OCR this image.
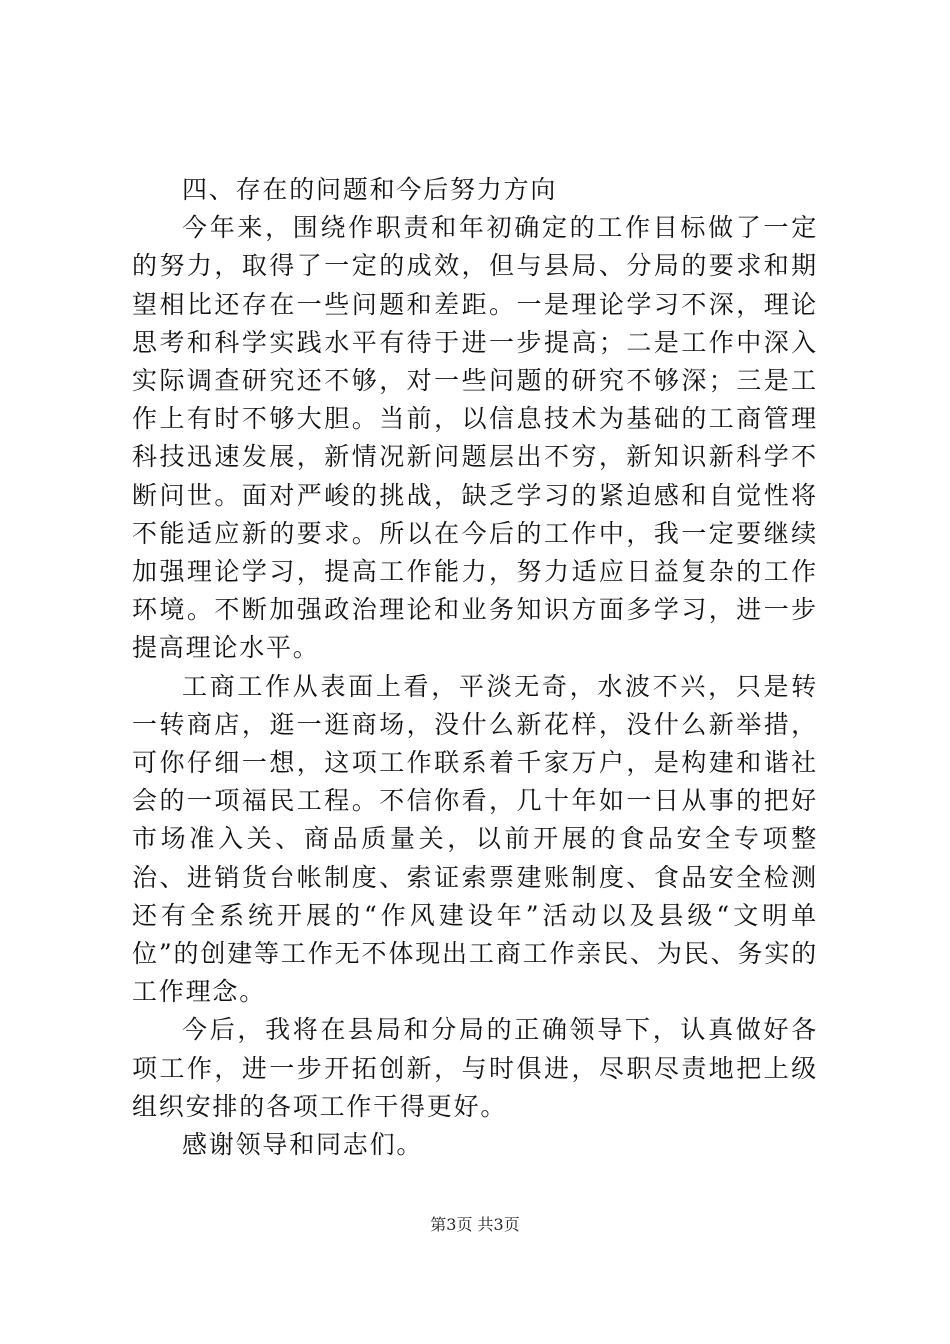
四、存在的问题和今后努力方向

今年来，围绕作职责和年初确定的工作目标做了一定的努力，取得了一定的成效，但与县局、分局的要求和期望相比还存在一些问题和差距。一是理论学习不深，理论思考和科学实践水平有待于进一步提高；二是工作中深入实际调查研究还不够，对一些问题的研究不够深；三是工作上有时不够大胆。当前，以信息技术为基础的工商管理科技迅速发展，新情况新问题层出不穷，新知识新科学不断问世。面对严峻的挑战，缺乏学习的紧迫感和自觉性将不能适应新的要求。所以在今后的工作中，我一定要继续加强理论学习，提高工作能力，努力适应日益复杂的工作环境。不断加强政治理论和业务知识方面多学习，进一步提高理论水平。

工商工作从表面上看，平淡无奇，水波不兴，只是转一转商店，逛一逛商场，没什么新花样，没什么新举措，可你仔细一想，这项工作联系着千家万户，是构建和谐社会的一项福民工程。不信你看，几十年如一日从事的把好市场准入关、商品质量关，以前开展的食品安全专项整治、进销货台帐制度、索证索票建账制度、食品安全检测还有全系统开展的“作风建设年”活动以及县级“文明单位”的创建等工作无不体现出工商工作亲民、为民、务实的工作理念。

今后，我将在县局和分局的正确领导下，认真做好各项工作，进一步开拓创新，与时俱进，尽职尽责地把上级组织安排的各项工作干得更好。

感谢领导和同志们。

第3页 共3页
